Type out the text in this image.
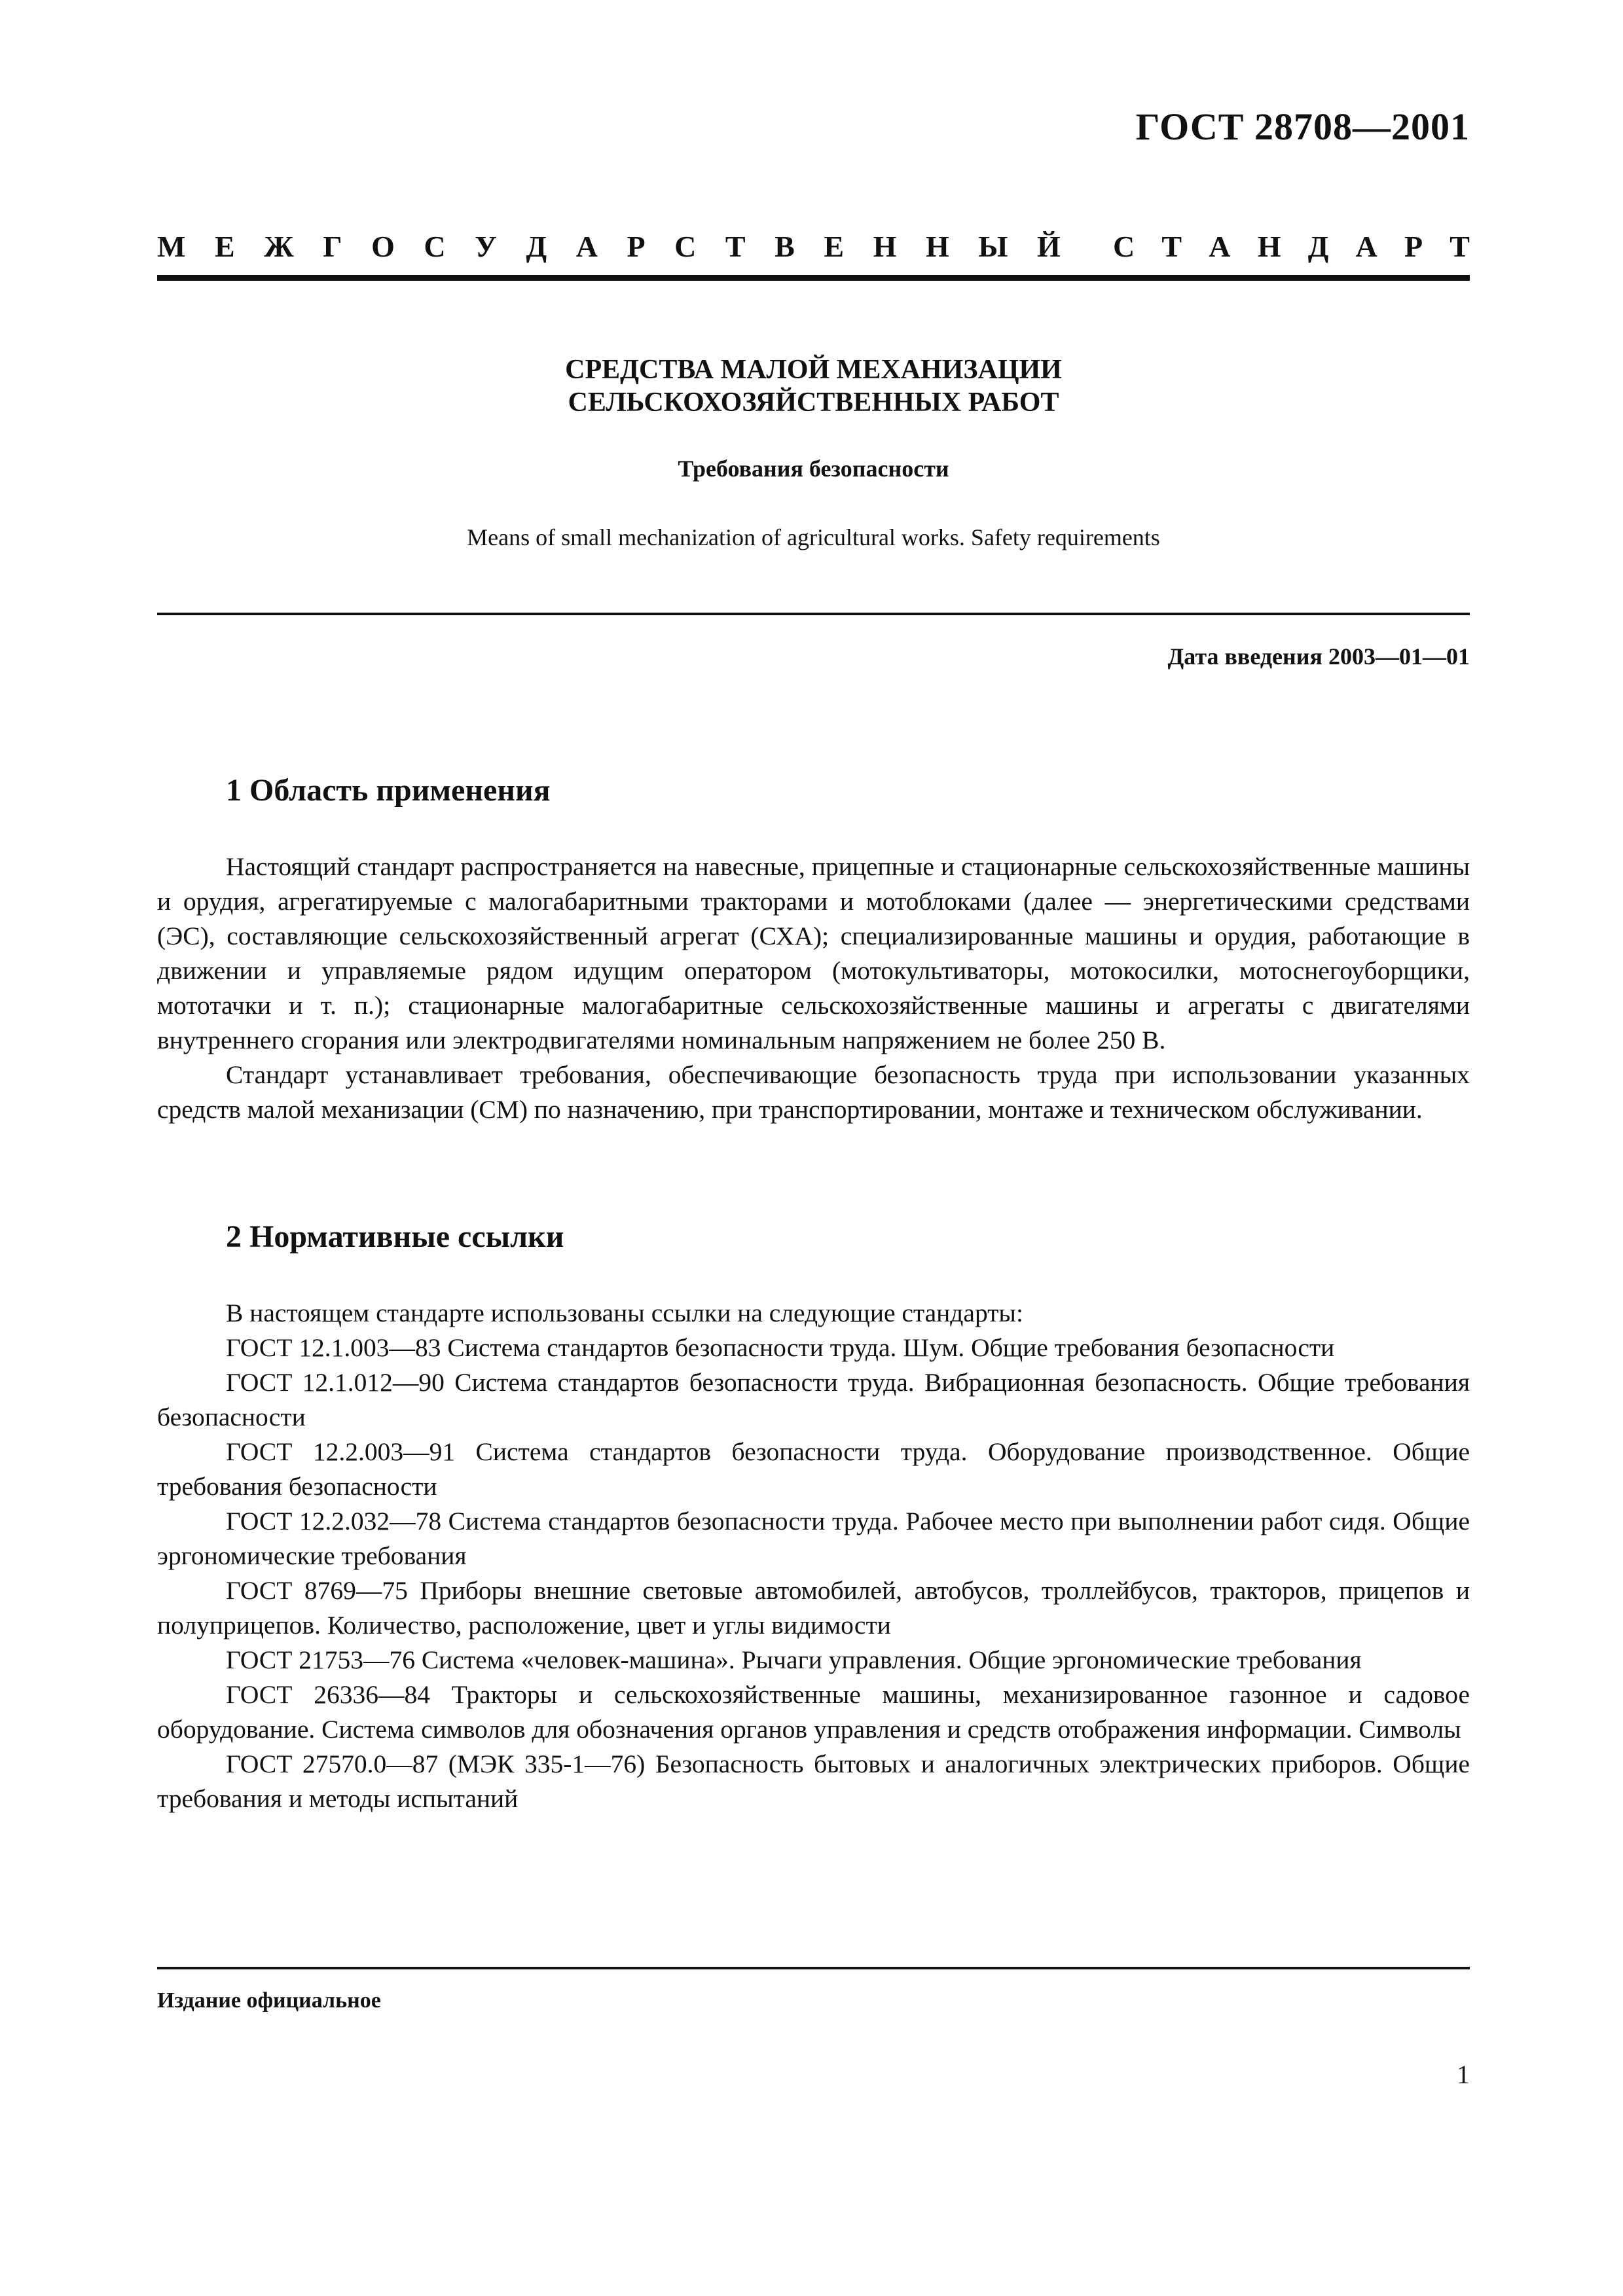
ГОСТ 28708—2001
М Е Ж Г О С У Д А Р С Т В Е Н Н Ы Й С Т А Н Д А Р Т
СРЕДСТВА МАЛОЙ МЕХАНИЗАЦИИ
СЕЛЬСКОХОЗЯЙСТВЕННЫХ РАБОТ
Требования безопасности
Means of small mechanization of agricultural works. Safety requirements
Дата введения 2003—01—01
1 Область применения

Настоящий стандарт распространяется на навесные, прицепные и стационарные сельскохозяйственные машины и орудия, агрегатируемые с малогабаритными тракторами и мотоблоками (далее — энергетическими средствами (ЭС), составляющие сельскохозяйственный агрегат (СХА); специализированные машины и орудия, работающие в движении и управляемые рядом идущим оператором (мотокультиваторы, мотокосилки, мотоснегоуборщики, мототачки и т. п.); стационарные малогабаритные сельскохозяйственные машины и агрегаты с двигателями внутреннего сгорания или электродвигателями номинальным напряжением не более 250 В.

Стандарт устанавливает требования, обеспечивающие безопасность труда при использовании указанных средств малой механизации (СМ) по назначению, при транспортировании, монтаже и техническом обслуживании.

2 Нормативные ссылки

В настоящем стандарте использованы ссылки на следующие стандарты:

ГОСТ 12.1.003—83 Система стандартов безопасности труда. Шум. Общие требования безопасности

ГОСТ 12.1.012—90 Система стандартов безопасности труда. Вибрационная безопасность. Общие требования безопасности

ГОСТ 12.2.003—91 Система стандартов безопасности труда. Оборудование производственное. Общие требования безопасности

ГОСТ 12.2.032—78 Система стандартов безопасности труда. Рабочее место при выполнении работ сидя. Общие эргономические требования

ГОСТ 8769—75 Приборы внешние световые автомобилей, автобусов, троллейбусов, тракторов, прицепов и полуприцепов. Количество, расположение, цвет и углы видимости

ГОСТ 21753—76 Система «человек-машина». Рычаги управления. Общие эргономические требования

ГОСТ 26336—84 Тракторы и сельскохозяйственные машины, механизированное газонное и садовое оборудование. Система символов для обозначения органов управления и средств отображения информации. Символы

ГОСТ 27570.0—87 (МЭК 335-1—76) Безопасность бытовых и аналогичных электрических приборов. Общие требования и методы испытаний

Издание официальное
1
